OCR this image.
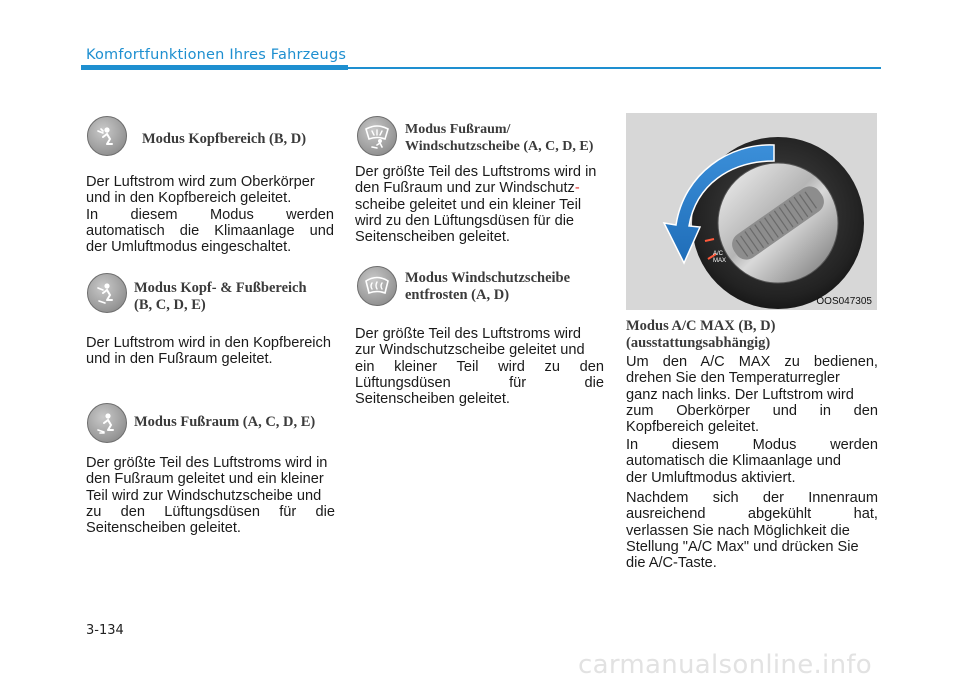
Komfortfunktionen Ihres Fahrzeugs
Modus Kopfbereich (B, D)
Der Luftstrom wird zum Oberkörper
und in den Kopfbereich geleitet.
In diesem Modus werden
automatisch die Klimaanlage und
der Umluftmodus eingeschaltet.
Modus Kopf- & Fußbereich
(B, C, D, E)
Der Luftstrom wird in den Kopfbereich
und in den Fußraum geleitet.
Modus Fußraum (A, C, D, E)
Der größte Teil des Luftstroms wird in
den Fußraum geleitet und ein kleiner
Teil wird zur Windschutzscheibe und
zu den Lüftungsdüsen für die
Seitenscheiben geleitet.
Modus Fußraum/
Windschutzscheibe (A, C, D, E)
Der größte Teil des Luftstroms wird in
den Fußraum und zur Windschutz-
scheibe geleitet und ein kleiner Teil
wird zu den Lüftungsdüsen für die
Seitenscheiben geleitet.
Modus Windschutzscheibe
entfrosten (A, D)
Der größte Teil des Luftstroms wird
zur Windschutzscheibe geleitet und
ein kleiner Teil wird zu den
Lüftungsdüsen für die
Seitenscheiben geleitet.
A/C
MAX
OOS047305
Modus A/C MAX (B, D)
(ausstattungsabhängig)
Um den A/C MAX zu bedienen,
drehen Sie den Temperaturregler
ganz nach links. Der Luftstrom wird
zum Oberkörper und in den
Kopfbereich geleitet.
In diesem Modus werden
automatisch die Klimaanlage und
der Umluftmodus aktiviert.
Nachdem sich der Innenraum
ausreichend abgekühlt hat,
verlassen Sie nach Möglichkeit die
Stellung "A/C Max" und drücken Sie
die A/C-Taste.
3-134
carmanualsonline.info
